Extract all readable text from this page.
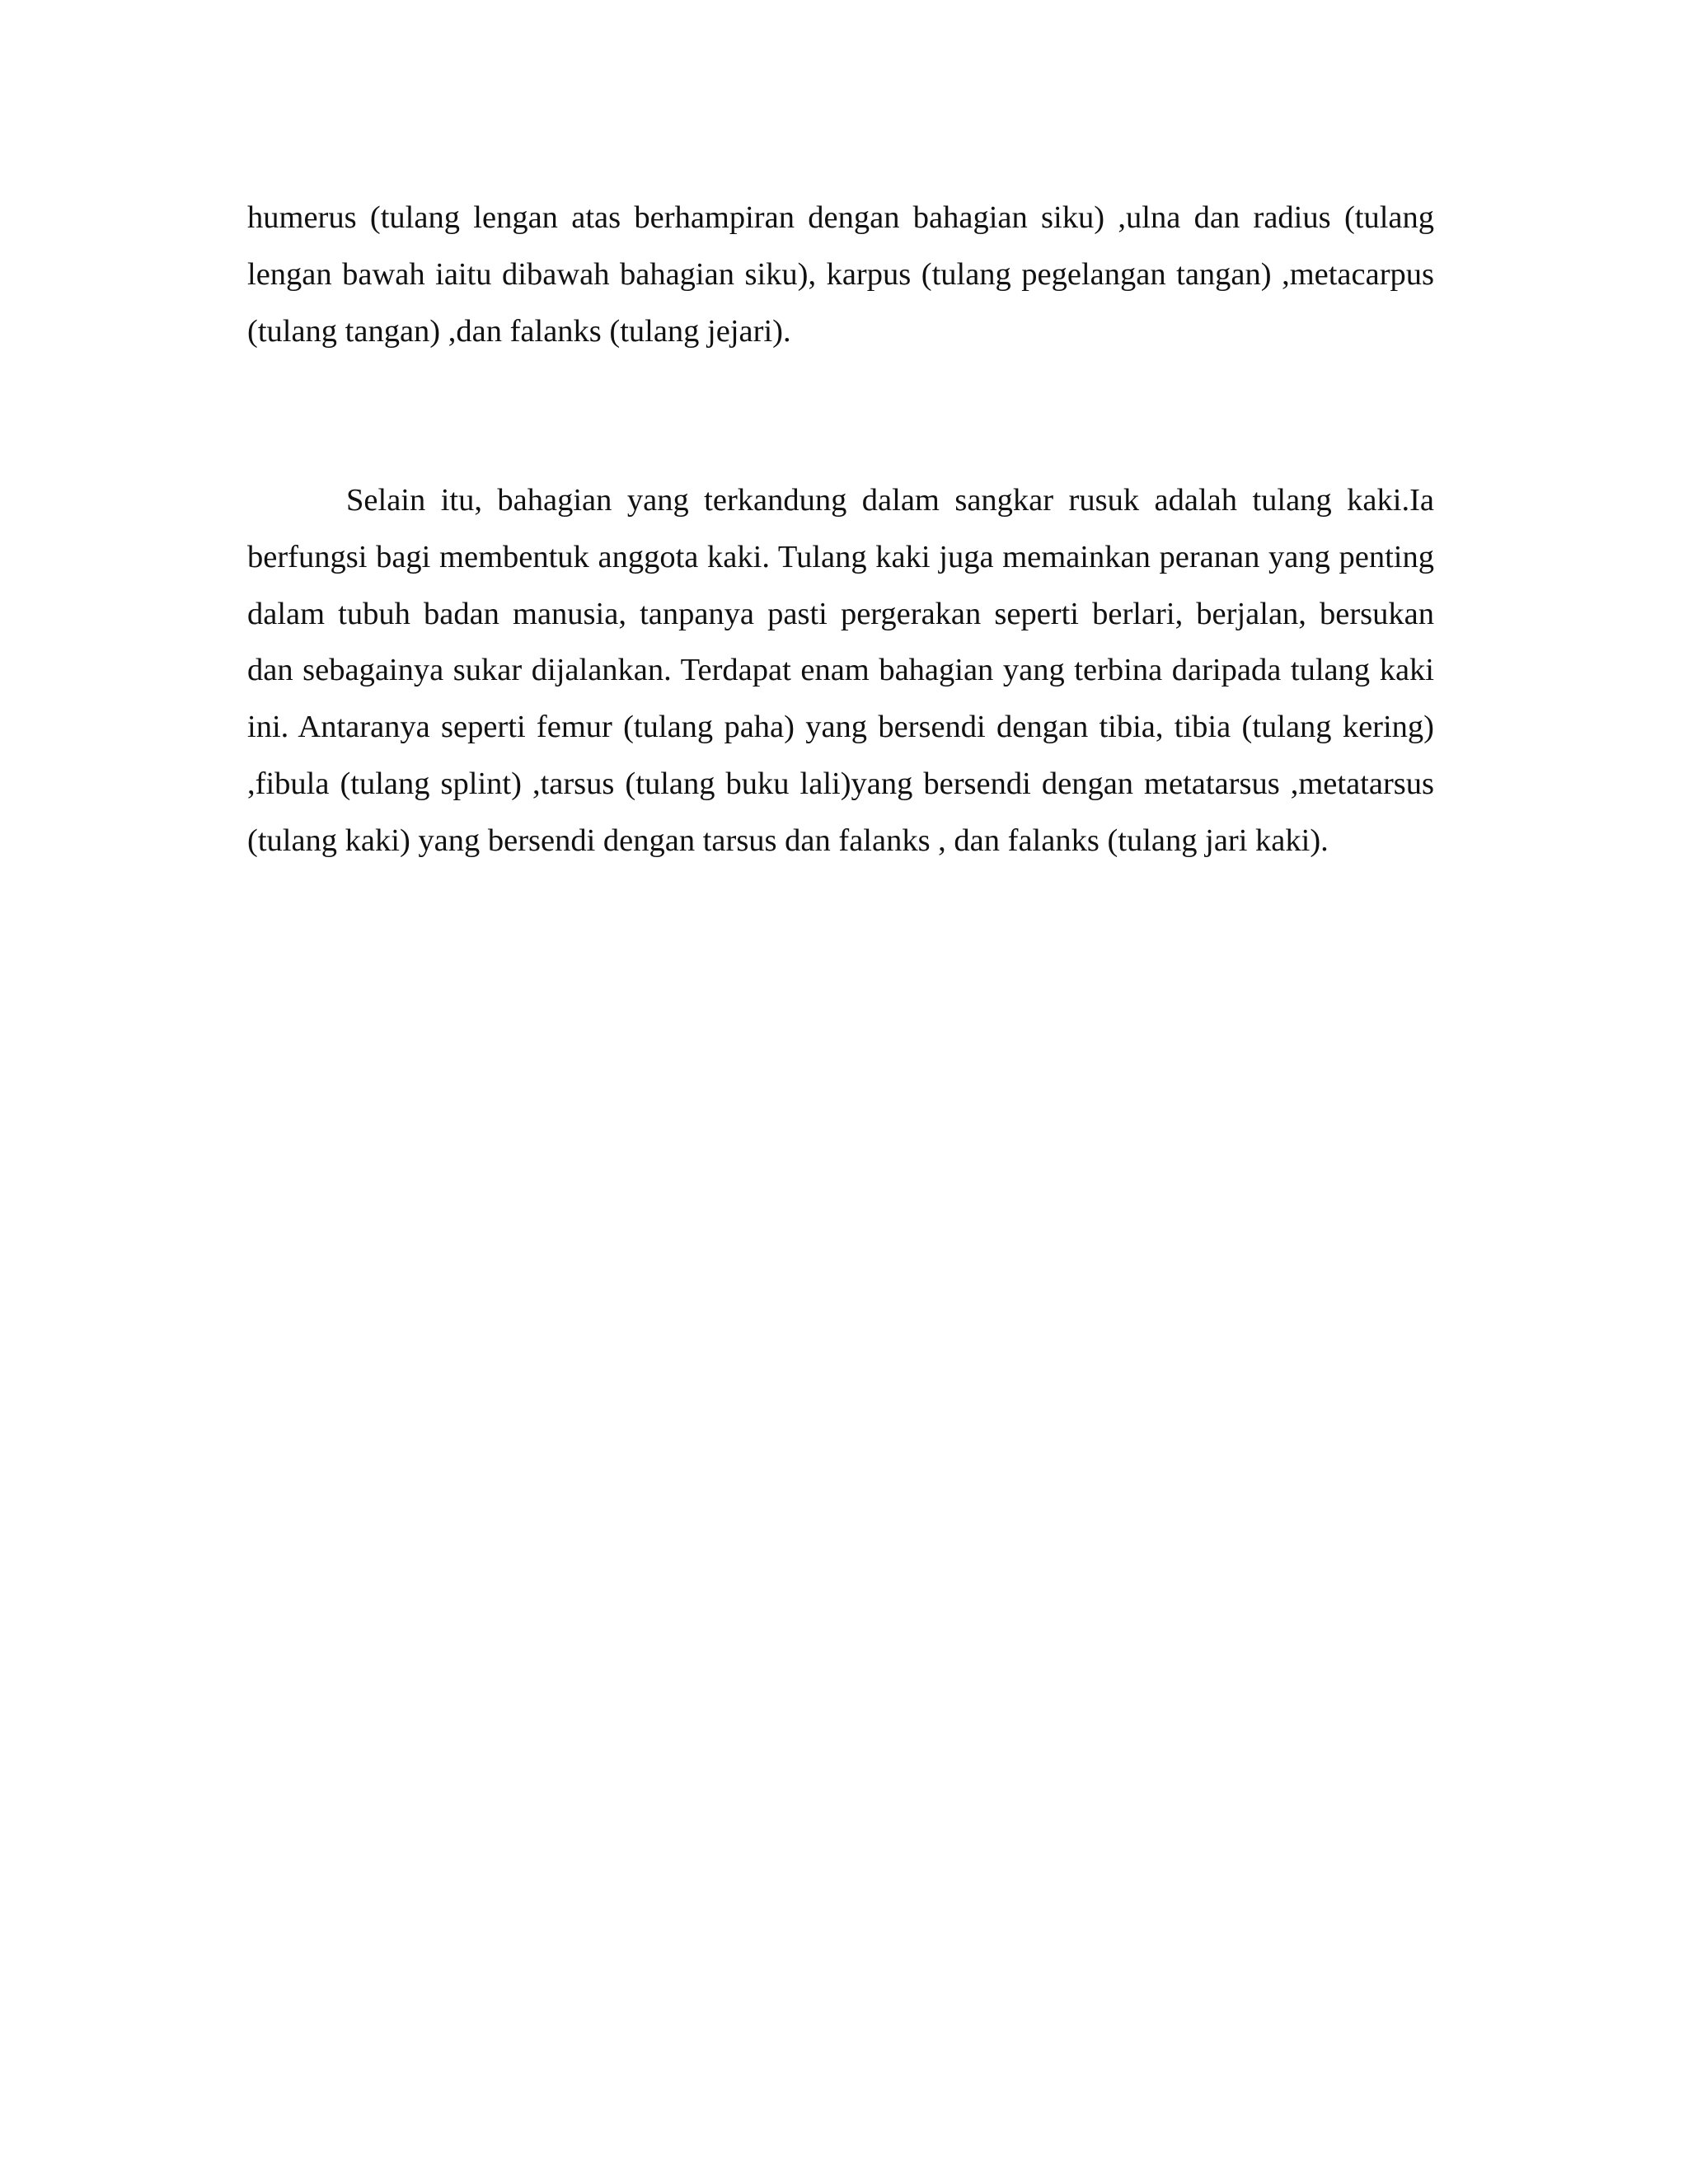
humerus (tulang lengan atas berhampiran dengan bahagian siku) ,ulna dan radius (tulang lengan bawah iaitu dibawah bahagian siku), karpus (tulang pegelangan tangan) ,metacarpus (tulang tangan) ,dan falanks (tulang jejari).

Selain itu, bahagian yang terkandung dalam sangkar rusuk adalah tulang kaki.Ia berfungsi bagi membentuk anggota kaki. Tulang kaki juga memainkan peranan yang penting dalam tubuh badan manusia, tanpanya pasti pergerakan seperti berlari, berjalan, bersukan dan sebagainya sukar dijalankan. Terdapat enam bahagian yang terbina daripada tulang kaki ini. Antaranya seperti femur (tulang paha) yang bersendi dengan tibia, tibia (tulang kering) ,fibula (tulang splint) ,tarsus (tulang buku lali)yang bersendi dengan metatarsus ,metatarsus (tulang kaki) yang bersendi dengan tarsus dan falanks , dan falanks (tulang jari kaki).
